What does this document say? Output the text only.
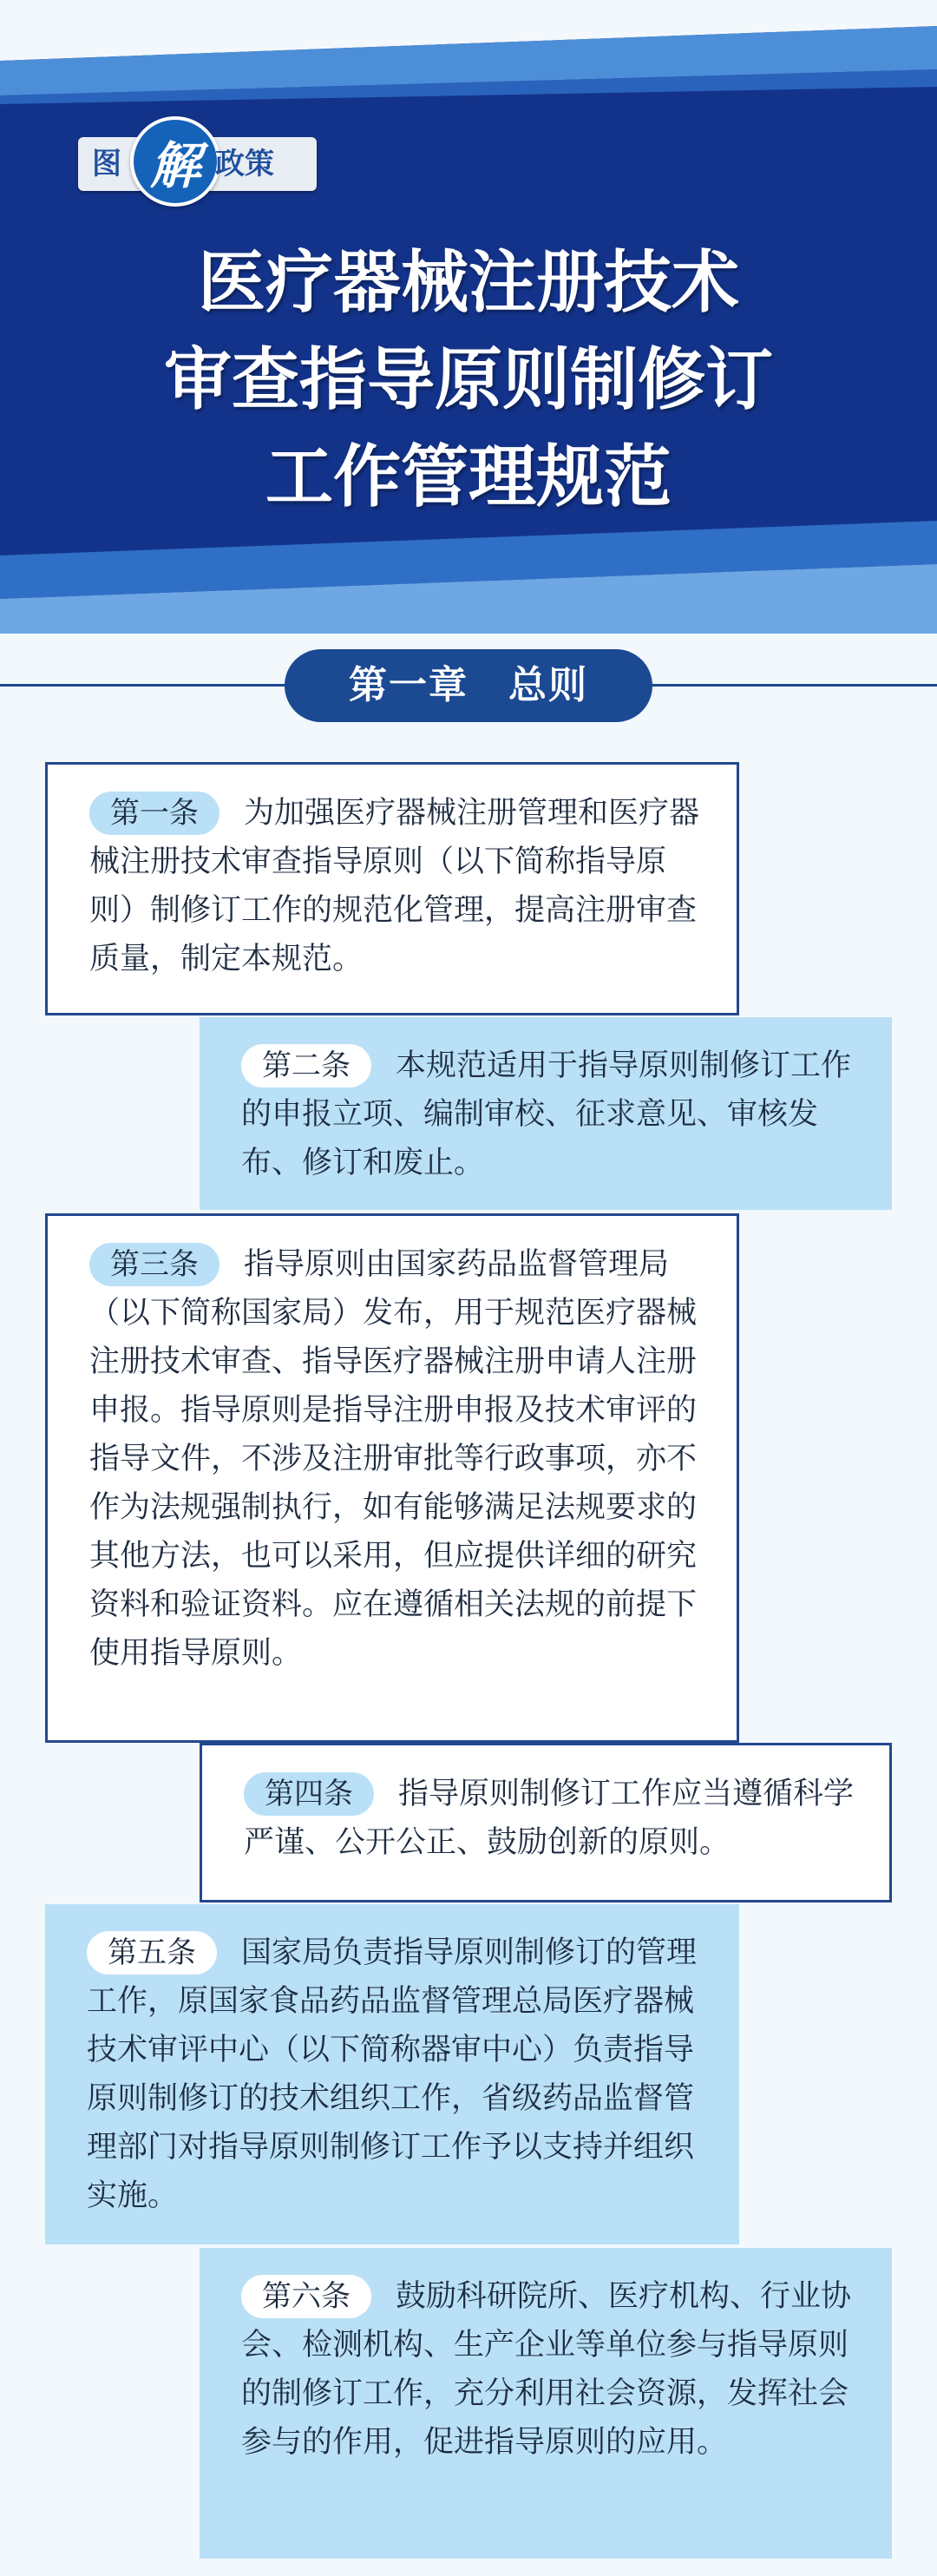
图 解 政策
医疗器械注册技术
审查指导原则制修订
工作管理规范
第一章　总则
第一条 为加强医疗器械注册管理和医疗器械注册技术审查指导原则（以下简称指导原则）制修订工作的规范化管理，提高注册审查质量，制定本规范。
第二条 本规范适用于指导原则制修订工作的申报立项、编制审校、征求意见、审核发布、修订和废止。
第三条 指导原则由国家药品监督管理局（以下简称国家局）发布，用于规范医疗器械注册技术审查、指导医疗器械注册申请人注册申报。指导原则是指导注册申报及技术审评的指导文件，不涉及注册审批等行政事项，亦不作为法规强制执行，如有能够满足法规要求的其他方法，也可以采用，但应提供详细的研究资料和验证资料。应在遵循相关法规的前提下使用指导原则。
第四条 指导原则制修订工作应当遵循科学严谨、公开公正、鼓励创新的原则。
第五条 国家局负责指导原则制修订的管理工作，原国家食品药品监督管理总局医疗器械技术审评中心（以下简称器审中心）负责指导原则制修订的技术组织工作，省级药品监督管理部门对指导原则制修订工作予以支持并组织实施。
第六条 鼓励科研院所、医疗机构、行业协会、检测机构、生产企业等单位参与指导原则的制修订工作，充分利用社会资源，发挥社会参与的作用，促进指导原则的应用。
